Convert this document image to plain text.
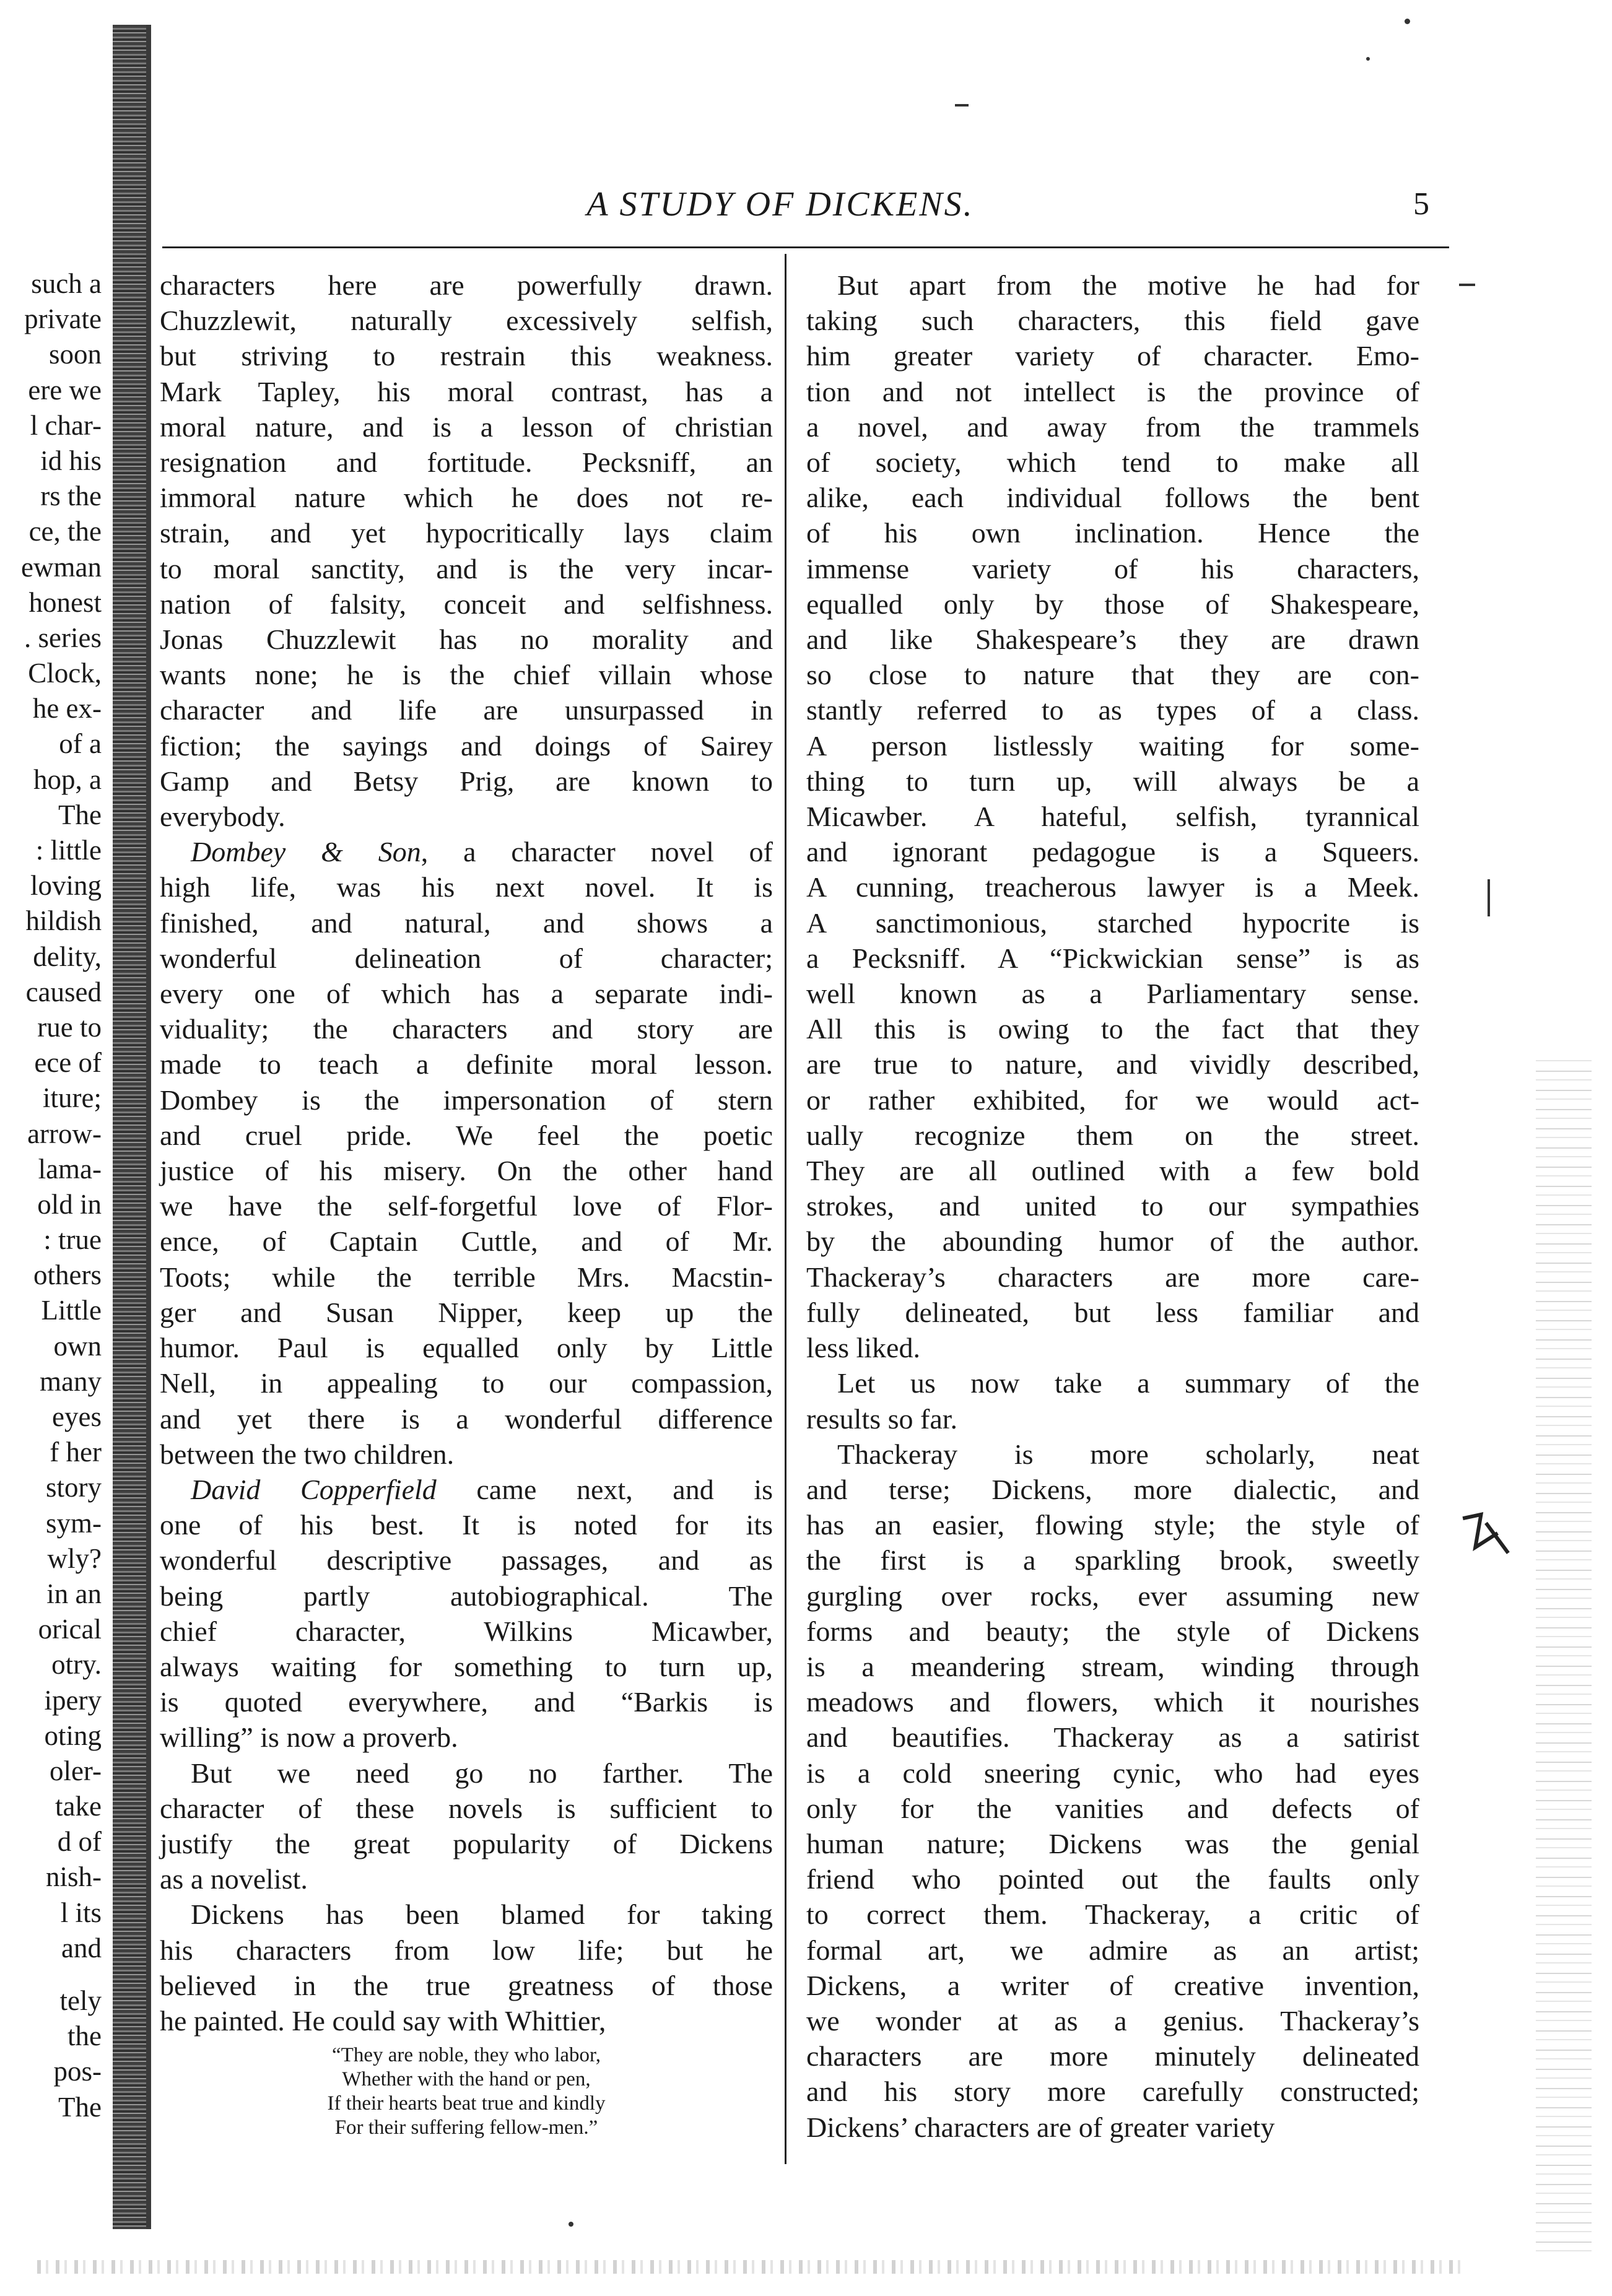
such a
private
soon
ere we
l char-
id his
rs the
ce, the
ewman
honest
. series
Clock,
he ex-
of a
hop, a
The
: little
loving
hildish
delity,
caused
rue to
ece of
iture;
arrow-
lama-
old in
: true
others
Little
own
many
eyes
f her
story
sym-
wly?
in an
orical
otry.
ipery
oting
oler-
take
d of
nish-
l its
and
tely
the
pos-
The
A STUDY OF DICKENS.	5

characters here are powerfully drawn.

Chuzzlewit, naturally excessively selfish,

but striving to restrain this weakness.

Mark Tapley, his moral contrast, has a

moral nature, and is a lesson of christian

resignation and fortitude. Pecksniff, an

immoral nature which he does not re-

strain, and yet hypocritically lays claim

to moral sanctity, and is the very incar-

nation of falsity, conceit and selfishness.

Jonas Chuzzlewit has no morality and

wants none; he is the chief villain whose

character and life are unsurpassed in

fiction; the sayings and doings of Sairey

Gamp and Betsy Prig, are known to

everybody.

Dombey & Son, a character novel of

high life, was his next novel. It is

finished, and natural, and shows a

wonderful delineation of character;

every one of which has a separate indi-

viduality; the characters and story are

made to teach a definite moral lesson.

Dombey is the impersonation of stern

and cruel pride. We feel the poetic

justice of his misery. On the other hand

we have the self-forgetful love of Flor-

ence, of Captain Cuttle, and of Mr.

Toots; while the terrible Mrs. Macstin-

ger and Susan Nipper, keep up the

humor. Paul is equalled only by Little

Nell, in appealing to our compassion,

and yet there is a wonderful difference

between the two children.

David Copperfield came next, and is

one of his best. It is noted for its

wonderful descriptive passages, and as

being partly autobiographical. The

chief character, Wilkins Micawber,

always waiting for something to turn up,

is quoted everywhere, and “Barkis is

willing” is now a proverb.

But we need go no farther. The

character of these novels is sufficient to

justify the great popularity of Dickens

as a novelist.

Dickens has been blamed for taking

his characters from low life; but he

believed in the true greatness of those

he painted. He could say with Whittier,

“They are noble, they who labor,
Whether with the hand or pen,
If their hearts beat true and kindly
For their suffering fellow-men.”

But apart from the motive he had for

taking such characters, this field gave

him greater variety of character. Emo-

tion and not intellect is the province of

a novel, and away from the trammels

of society, which tend to make all

alike, each individual follows the bent

of his own inclination. Hence the

immense variety of his characters,

equalled only by those of Shakespeare,

and like Shakespeare’s they are drawn

so close to nature that they are con-

stantly referred to as types of a class.

A person listlessly waiting for some-

thing to turn up, will always be a

Micawber. A hateful, selfish, tyrannical

and ignorant pedagogue is a Squeers.

A cunning, treacherous lawyer is a Meek.

A sanctimonious, starched hypocrite is

a Pecksniff. A “Pickwickian sense” is as

well known as a Parliamentary sense.

All this is owing to the fact that they

are true to nature, and vividly described,

or rather exhibited, for we would act-

ually recognize them on the street.

They are all outlined with a few bold

strokes, and united to our sympathies

by the abounding humor of the author.

Thackeray’s characters are more care-

fully delineated, but less familiar and

less liked.

Let us now take a summary of the

results so far.

Thackeray is more scholarly, neat

and terse; Dickens, more dialectic, and

has an easier, flowing style; the style of

the first is a sparkling brook, sweetly

gurgling over rocks, ever assuming new

forms and beauty; the style of Dickens

is a meandering stream, winding through

meadows and flowers, which it nourishes

and beautifies. Thackeray as a satirist

is a cold sneering cynic, who had eyes

only for the vanities and defects of

human nature; Dickens was the genial

friend who pointed out the faults only

to correct them. Thackeray, a critic of

formal art, we admire as an artist;

Dickens, a writer of creative invention,

we wonder at as a genius. Thackeray’s

characters are more minutely delineated

and his story more carefully constructed;

Dickens’ characters are of greater variety
